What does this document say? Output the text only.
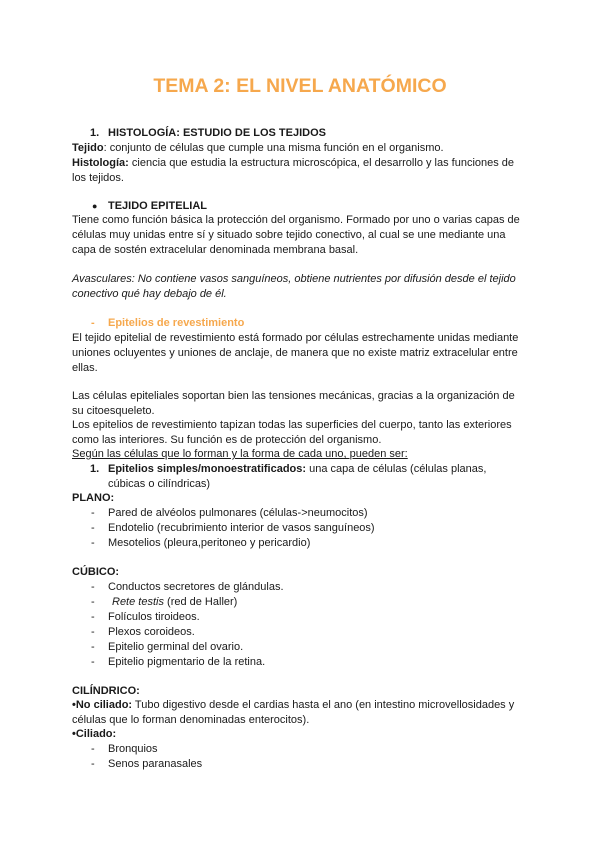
TEMA 2: EL NIVEL ANATÓMICO
1. HISTOLOGÍA: ESTUDIO DE LOS TEJIDOS
Tejido: conjunto de células que cumple una misma función en el organismo.
Histología: ciencia que estudia la estructura microscópica, el desarrollo y las funciones de
los tejidos.
● TEJIDO EPITELIAL
Tiene como función básica la protección del organismo. Formado por uno o varias capas de
células muy unidas entre sí y situado sobre tejido conectivo, al cual se une mediante una
capa de sostén extracelular denominada membrana basal.
Avasculares: No contiene vasos sanguíneos, obtiene nutrientes por difusión desde el tejido
conectivo qué hay debajo de él.
- Epitelios de revestimiento
El tejido epitelial de revestimiento está formado por células estrechamente unidas mediante
uniones ocluyentes y uniones de anclaje, de manera que no existe matriz extracelular entre
ellas.
Las células epiteliales soportan bien las tensiones mecánicas, gracias a la organización de
su citoesqueleto.
Los epitelios de revestimiento tapizan todas las superficies del cuerpo, tanto las exteriores
como las interiores. Su función es de protección del organismo.
Según las células que lo forman y la forma de cada uno, pueden ser:
1. Epitelios simples/monoestratificados: una capa de células (células planas,
cúbicas o cilíndricas)
PLANO:
- Pared de alvéolos pulmonares (células->neumocitos)
- Endotelio (recubrimiento interior de vasos sanguíneos)
- Mesotelios (pleura,peritoneo y pericardio)
CÚBICO:
- Conductos secretores de glándulas.
- Rete testis (red de Haller)
- Folículos tiroideos.
- Plexos coroideos.
- Epitelio germinal del ovario.
- Epitelio pigmentario de la retina.
CILÍNDRICO:
•No ciliado: Tubo digestivo desde el cardias hasta el ano (en intestino microvellosidades y
células que lo forman denominadas enterocitos).
•Ciliado:
- Bronquios
- Senos paranasales
